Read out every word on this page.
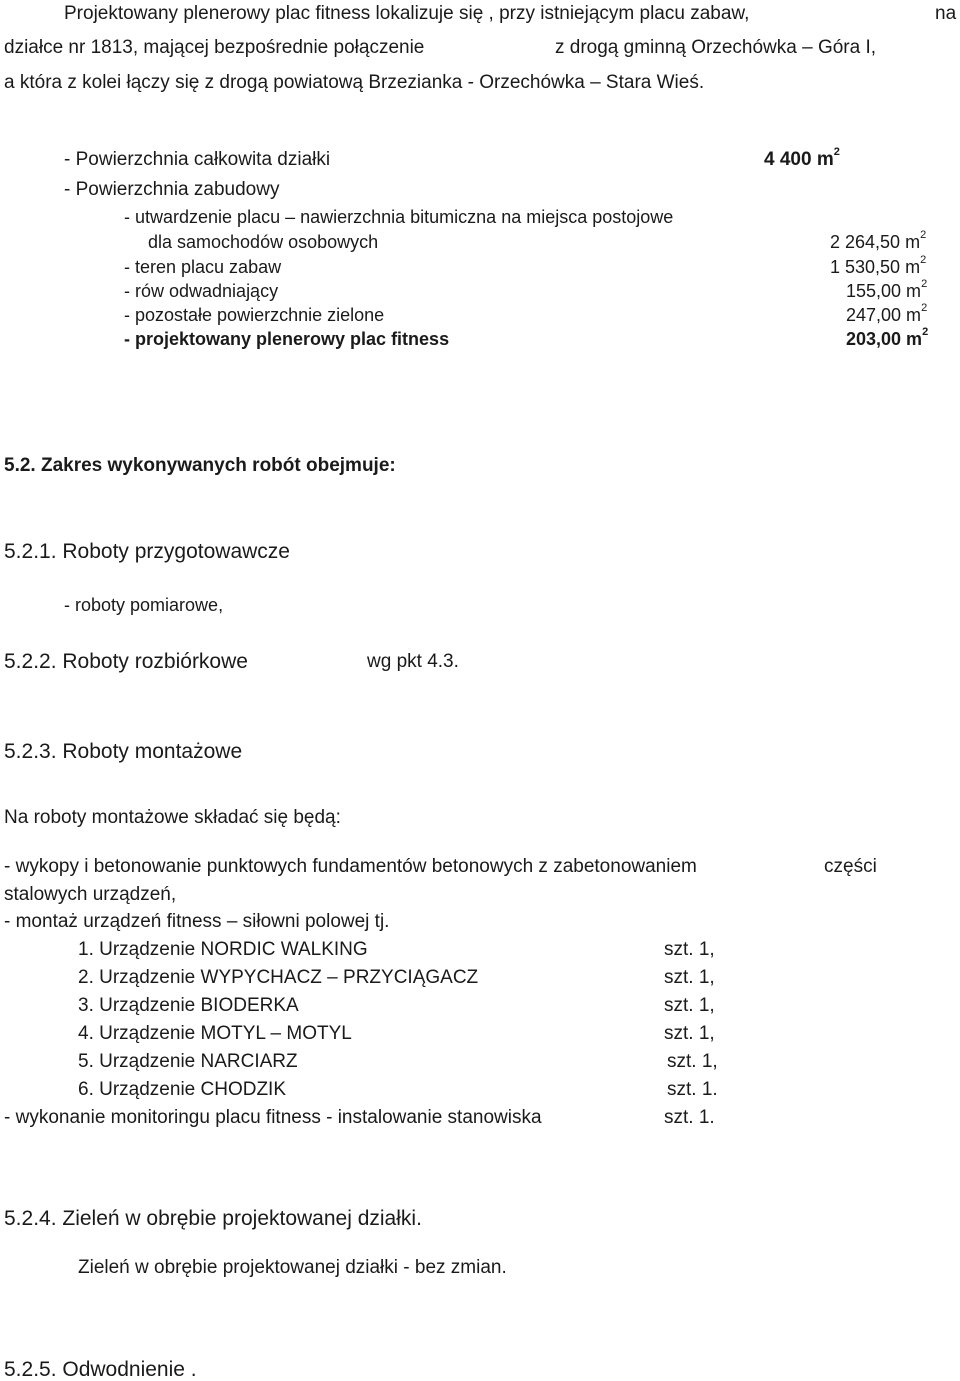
Projektowany plenerowy plac fitness lokalizuje się , przy istniejącym placu zabaw,	na
działce nr 1813, mającej bezpośrednie połączenie	z drogą gminną Orzechówka – Góra I,
a która z kolei łączy się z drogą powiatową Brzezianka - Orzechówka – Stara Wieś.
- Powierzchnia całkowita działki	4 400 $m^2$
- Powierzchnia zabudowy
- utwardzenie placu – nawierzchnia bitumiczna na miejsca postojowe
dla samochodów osobowych	2 264,50 $m^2$
- teren placu zabaw	1 530,50 $m^2$
- rów odwadniający	155,00 $m^2$
- pozostałe powierzchnie zielone	247,00 $m^2$
- projektowany plenerowy plac fitness	203,00 $m^2$
5.2. Zakres wykonywanych robót obejmuje:
5.2.1. Roboty przygotowawcze
- roboty pomiarowe,
5.2.2. Roboty rozbiórkowe	wg pkt 4.3.
5.2.3. Roboty montażowe
Na roboty montażowe składać się będą:
- wykopy i betonowanie punktowych fundamentów betonowych z zabetonowaniem	części
stalowych urządzeń,
- montaż urządzeń fitness – siłowni polowej tj.
1. Urządzenie NORDIC WALKING	szt. 1,
2. Urządzenie WYPYCHACZ – PRZYCIĄGACZ	szt. 1,
3. Urządzenie BIODERKA	szt. 1,
4. Urządzenie MOTYL – MOTYL	szt. 1,
5. Urządzenie NARCIARZ	szt. 1,
6. Urządzenie CHODZIK	szt. 1.
- wykonanie monitoringu placu fitness - instalowanie stanowiska	szt. 1.
5.2.4. Zieleń w obrębie projektowanej działki.
Zieleń w obrębie projektowanej działki - bez zmian.
5.2.5. Odwodnienie .
